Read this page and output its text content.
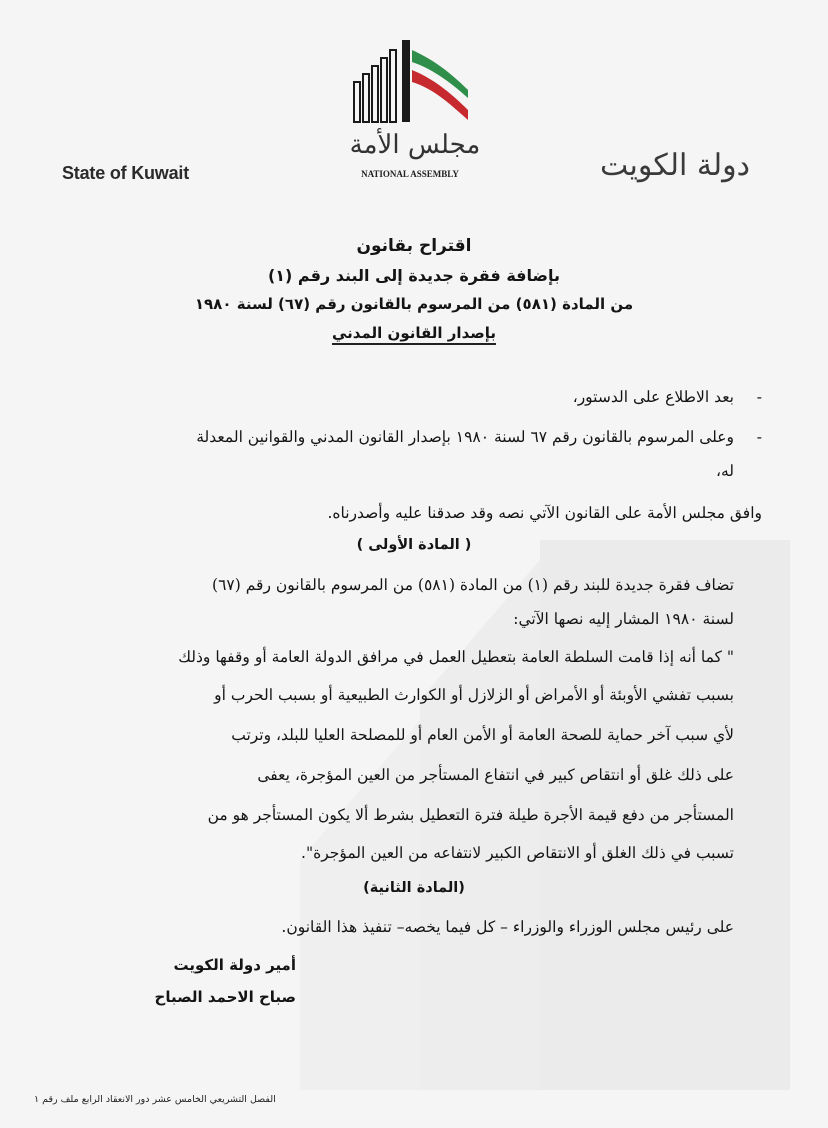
State of Kuwait
مجلس الأمة
NATIONAL ASSEMBLY	دولة الكويت
اقتراح بقانون
بإضافة فقرة جديدة إلى البند رقم (١)
من المادة (٥٨١) من المرسوم بالقانون رقم (٦٧) لسنة ١٩٨٠
بإصدار القانون المدني
-
بعد الاطلاع على الدستور،
-
وعلى المرسوم بالقانون رقم ٦٧ لسنة ١٩٨٠ بإصدار القانون المدني والقوانين المعدلة
له،
وافق مجلس الأمة على القانون الآتي نصه وقد صدقنا عليه وأصدرناه.
( المادة الأولى )
تضاف فقرة جديدة للبند رقم (١) من المادة (٥٨١) من المرسوم بالقانون رقم (٦٧)
لسنة ١٩٨٠ المشار إليه نصها الآتي:
" كما أنه إذا قامت السلطة العامة بتعطيل العمل في مرافق الدولة العامة أو وقفها وذلك
بسبب تفشي الأوبئة أو الأمراض أو الزلازل أو الكوارث الطبيعية أو بسبب الحرب أو
لأي سبب آخر حماية للصحة العامة أو الأمن العام أو للمصلحة العليا للبلد، وترتب
على ذلك غلق أو انتقاص كبير في انتفاع المستأجر من العين المؤجرة، يعفى
المستأجر من دفع قيمة الأجرة طيلة فترة التعطيل بشرط ألا يكون المستأجر هو من
تسبب في ذلك الغلق أو الانتقاص الكبير لانتفاعه من العين المؤجرة".
(المادة الثانية)
على رئيس مجلس الوزراء والوزراء – كل فيما يخصه– تنفيذ هذا القانون.
أمير دولة الكويت
صباح الاحمد الصباح
الفصل التشريعي الخامس عشر دور الانعقاد الرابع ملف رقم ١
